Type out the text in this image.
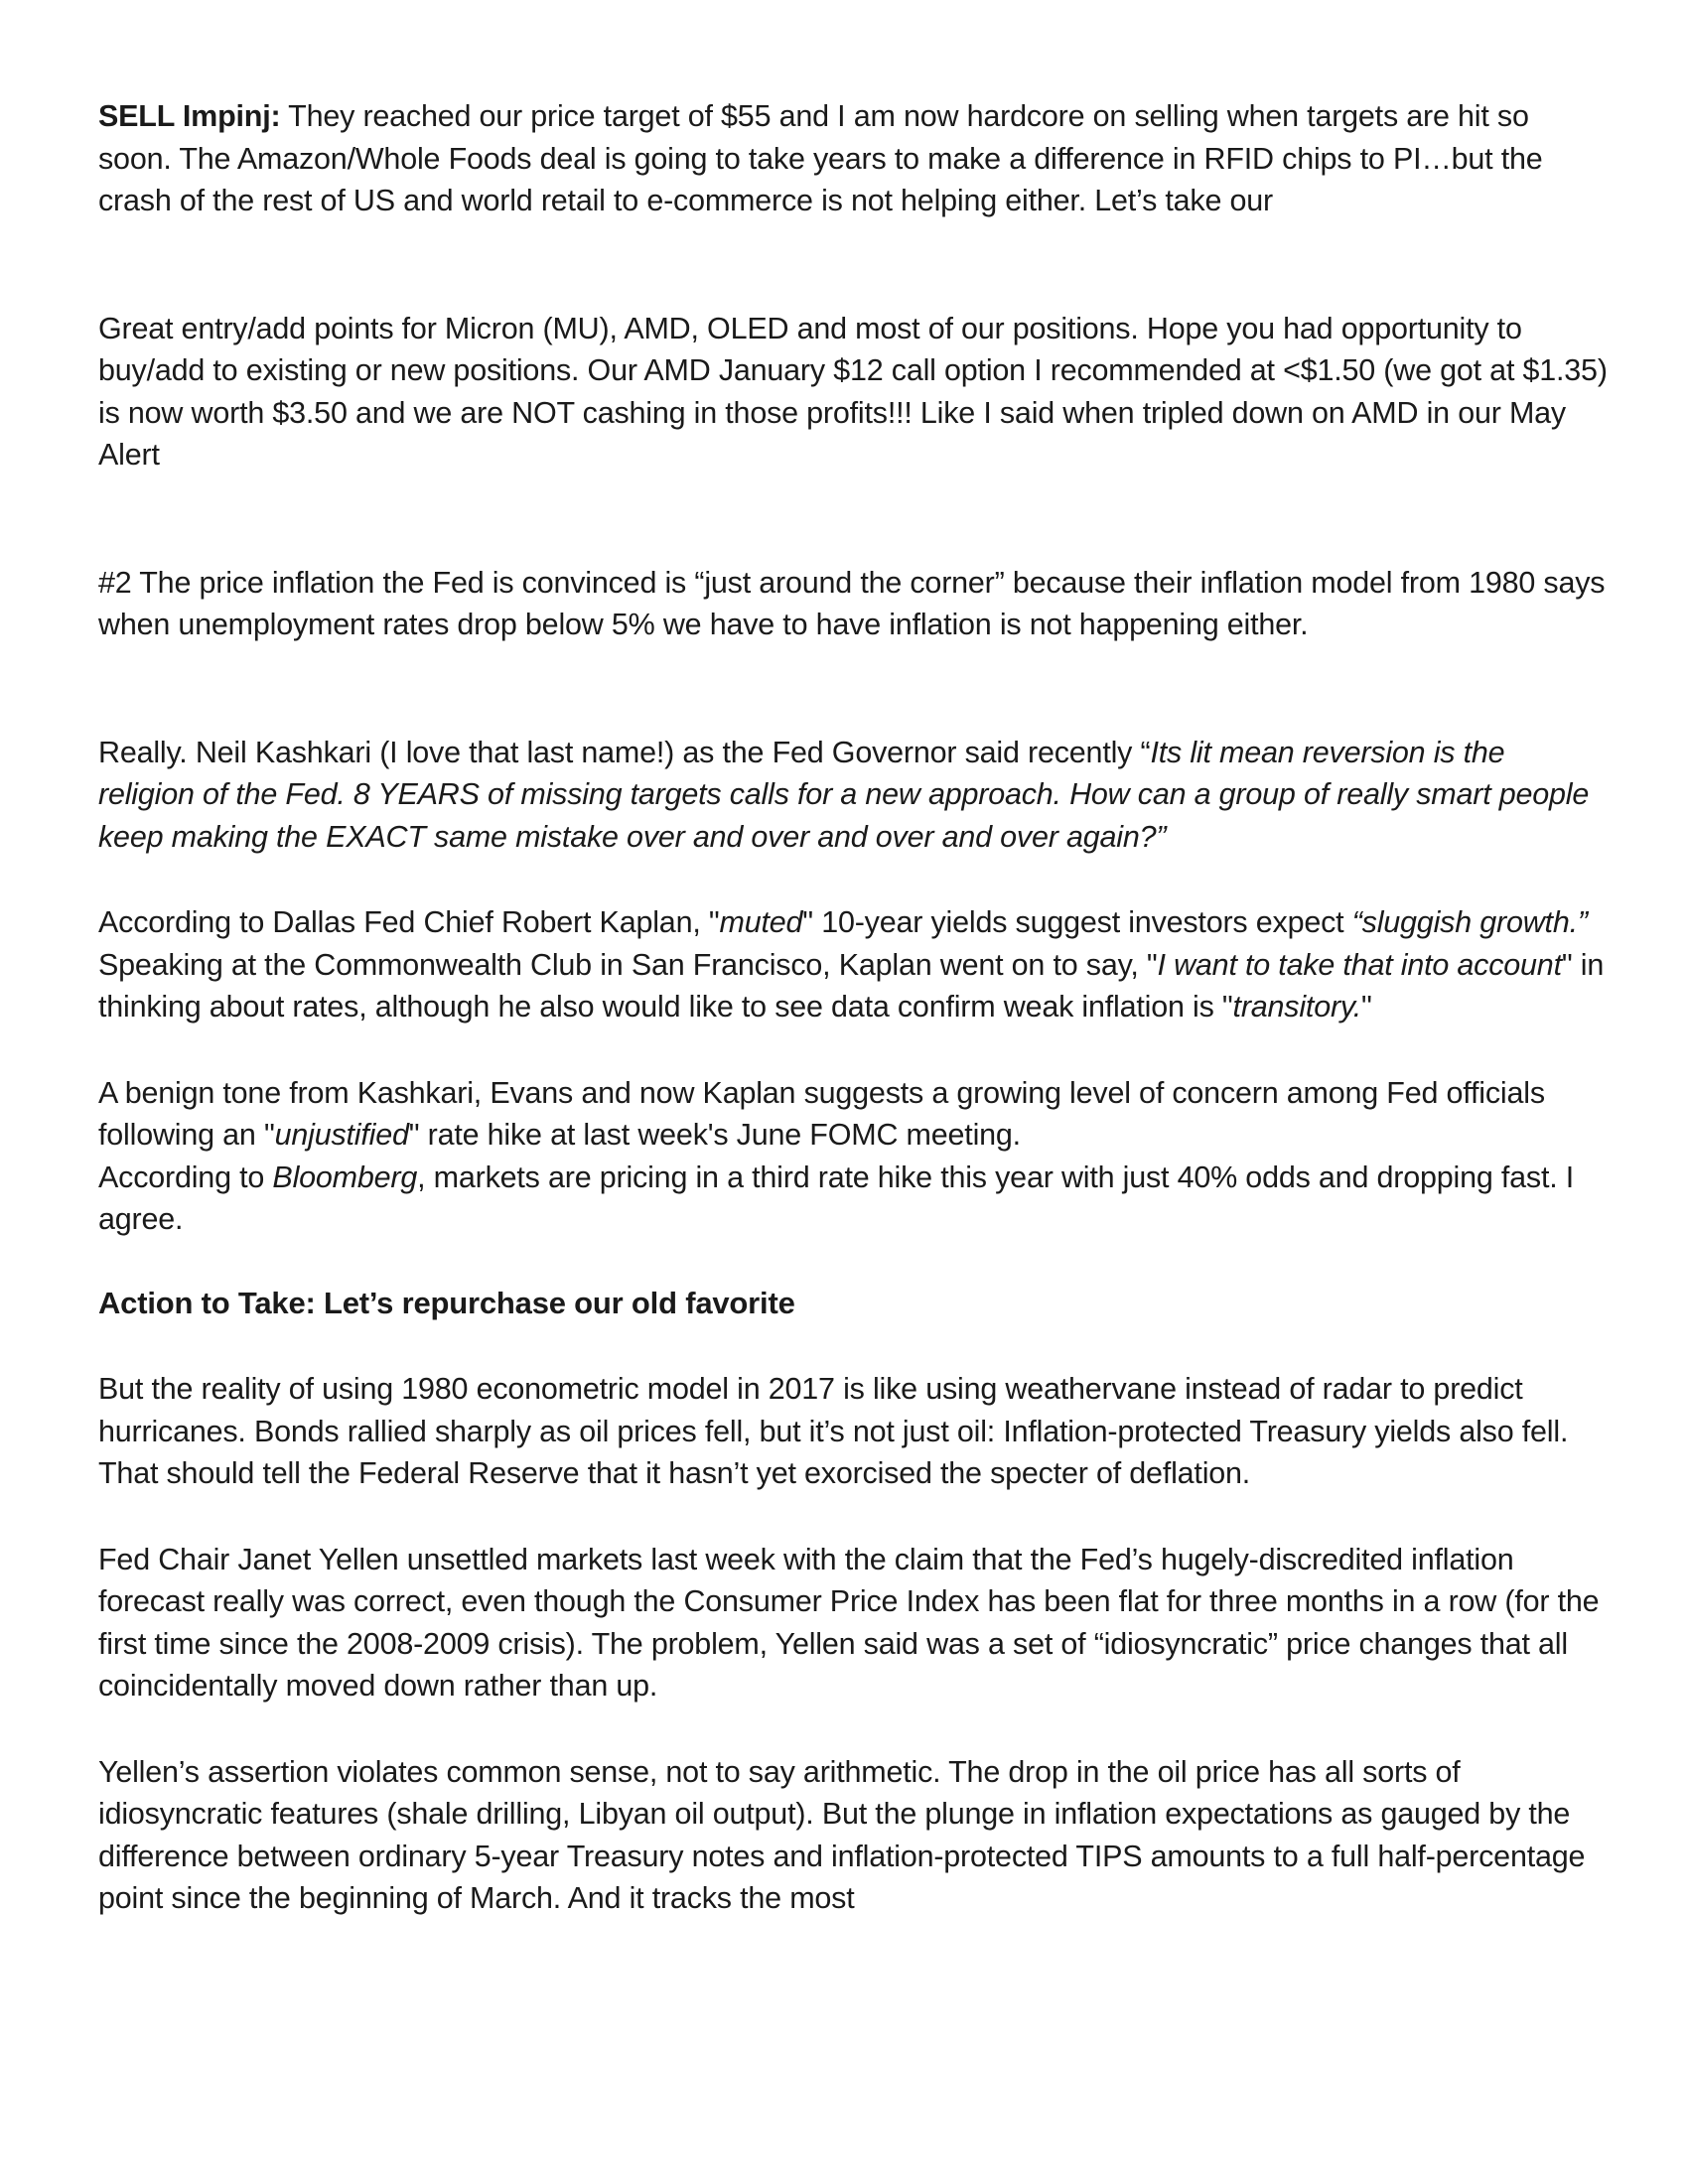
SELL Impinj: They reached our price target of $55 and I am now hardcore on selling when targets are hit so soon. The Amazon/Whole Foods deal is going to take years to make a difference in RFID chips to PI…but the crash of the rest of US and world retail to e-commerce is not helping either. Let’s take our

Great entry/add points for Micron (MU), AMD, OLED and most of our positions. Hope you had opportunity to buy/add to existing or new positions. Our AMD January $12 call option I recommended at <$1.50 (we got at $1.35) is now worth $3.50 and we are NOT cashing in those profits!!! Like I said when tripled down on AMD in our May Alert

#2 The price inflation the Fed is convinced is “just around the corner” because their inflation model from 1980 says when unemployment rates drop below 5% we have to have inflation is not happening either.

Really. Neil Kashkari (I love that last name!) as the Fed Governor said recently “Its lit mean reversion is the religion of the Fed. 8 YEARS of missing targets calls for a new approach. How can a group of really smart people keep making the EXACT same mistake over and over and over and over again?”

According to Dallas Fed Chief Robert Kaplan, "muted" 10-year yields suggest investors expect “sluggish growth.” Speaking at the Commonwealth Club in San Francisco, Kaplan went on to say, "I want to take that into account" in thinking about rates, although he also would like to see data confirm weak inflation is "transitory."

A benign tone from Kashkari, Evans and now Kaplan suggests a growing level of concern among Fed officials following an "unjustified" rate hike at last week's June FOMC meeting.
According to Bloomberg, markets are pricing in a third rate hike this year with just 40% odds and dropping fast. I agree.

Action to Take: Let’s repurchase our old favorite

But the reality of using 1980 econometric model in 2017 is like using weathervane instead of radar to predict hurricanes. Bonds rallied sharply as oil prices fell, but it’s not just oil: Inflation-protected Treasury yields also fell. That should tell the Federal Reserve that it hasn’t yet exorcised the specter of deflation.

Fed Chair Janet Yellen unsettled markets last week with the claim that the Fed’s hugely-discredited inflation forecast really was correct, even though the Consumer Price Index has been flat for three months in a row (for the first time since the 2008-2009 crisis). The problem, Yellen said was a set of “idiosyncratic” price changes that all coincidentally moved down rather than up.

Yellen’s assertion violates common sense, not to say arithmetic. The drop in the oil price has all sorts of idiosyncratic features (shale drilling, Libyan oil output). But the plunge in inflation expectations as gauged by the difference between ordinary 5-year Treasury notes and inflation-protected TIPS amounts to a full half-percentage point since the beginning of March. And it tracks the most
